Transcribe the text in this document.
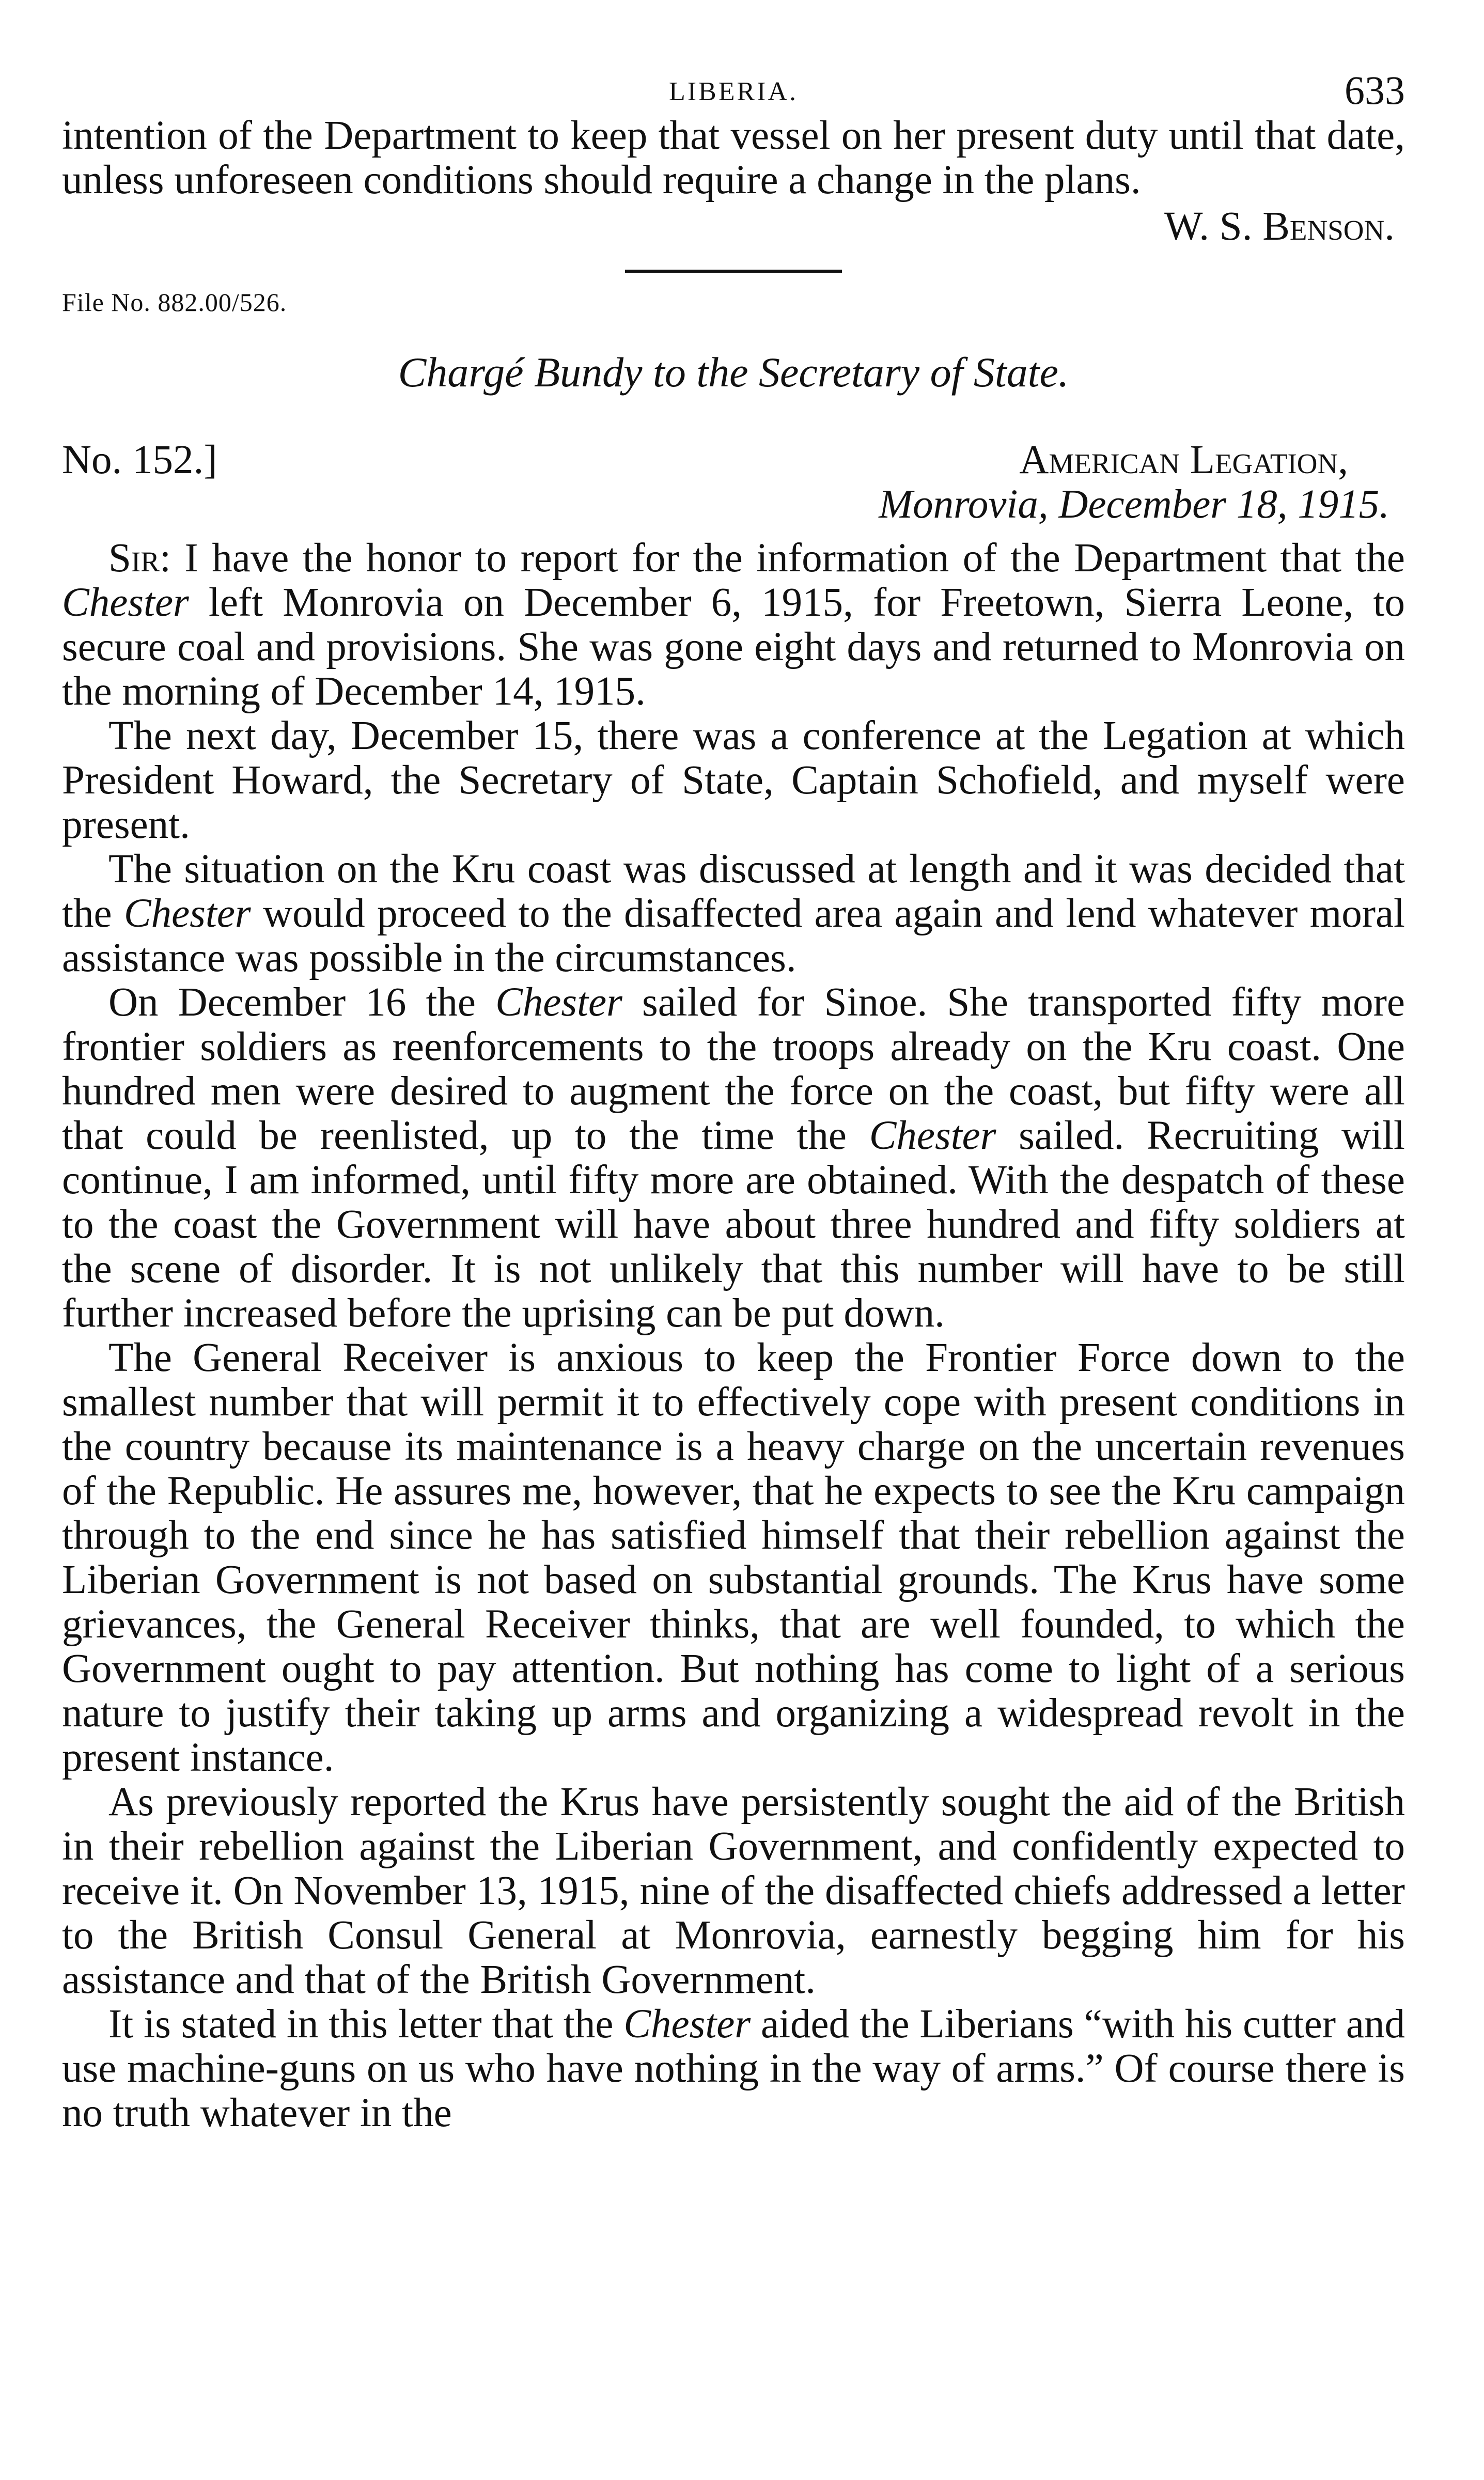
LIBERIA.	633

intention of the Department to keep that vessel on her present duty until that date, unless unforeseen conditions should require a change in the plans.

W. S. Benson.
File No. 882.00/526.
Chargé Bundy to the Secretary of State.
No. 152.]	American Legation,
Monrovia, December 18, 1915.

Sir: I have the honor to report for the information of the Department that the Chester left Monrovia on December 6, 1915, for Freetown, Sierra Leone, to secure coal and provisions. She was gone eight days and returned to Monrovia on the morning of December 14, 1915.

The next day, December 15, there was a conference at the Legation at which President Howard, the Secretary of State, Captain Schofield, and myself were present.

The situation on the Kru coast was discussed at length and it was decided that the Chester would proceed to the disaffected area again and lend whatever moral assistance was possible in the circumstances.

On December 16 the Chester sailed for Sinoe. She transported fifty more frontier soldiers as reenforcements to the troops already on the Kru coast. One hundred men were desired to augment the force on the coast, but fifty were all that could be reenlisted, up to the time the Chester sailed. Recruiting will continue, I am informed, until fifty more are obtained. With the despatch of these to the coast the Government will have about three hundred and fifty soldiers at the scene of disorder. It is not unlikely that this number will have to be still further increased before the uprising can be put down.

The General Receiver is anxious to keep the Frontier Force down to the smallest number that will permit it to effectively cope with present conditions in the country because its maintenance is a heavy charge on the uncertain revenues of the Republic. He assures me, however, that he expects to see the Kru campaign through to the end since he has satisfied himself that their rebellion against the Liberian Government is not based on substantial grounds. The Krus have some grievances, the General Receiver thinks, that are well founded, to which the Government ought to pay attention. But nothing has come to light of a serious nature to justify their taking up arms and organizing a widespread revolt in the present instance.

As previously reported the Krus have persistently sought the aid of the British in their rebellion against the Liberian Government, and confidently expected to receive it. On November 13, 1915, nine of the disaffected chiefs addressed a letter to the British Consul General at Monrovia, earnestly begging him for his assistance and that of the British Government.

It is stated in this letter that the Chester aided the Liberians “with his cutter and use machine-guns on us who have nothing in the way of arms.” Of course there is no truth whatever in the
